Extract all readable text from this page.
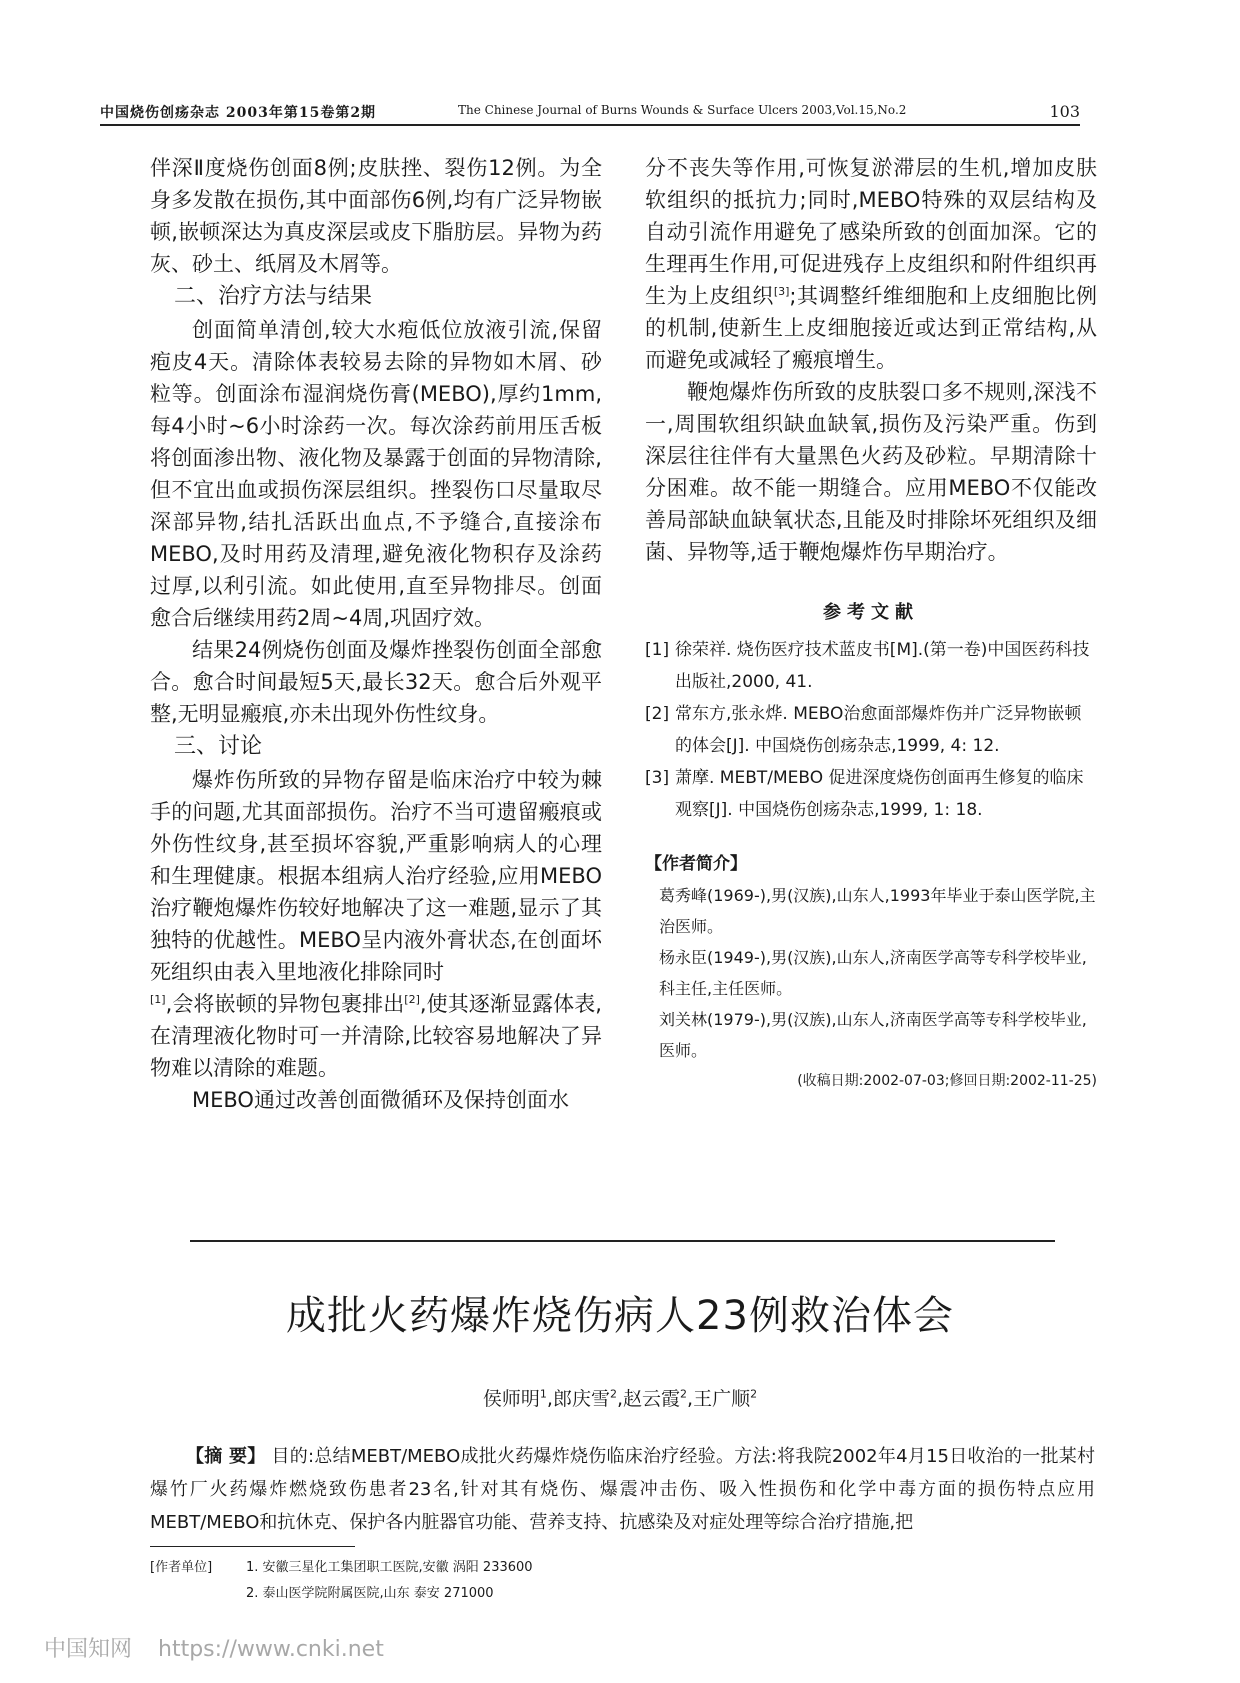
中国烧伤创疡杂志 2003年第15卷第2期	The Chinese Journal of Burns Wounds & Surface Ulcers 2003,Vol.15,No.2	103

伴深Ⅱ度烧伤创面8例;皮肤挫、裂伤12例。为全身多发散在损伤,其中面部伤6例,均有广泛异物嵌顿,嵌顿深达为真皮深层或皮下脂肪层。异物为药灰、砂土、纸屑及木屑等。

二、治疗方法与结果

创面简单清创,较大水疱低位放液引流,保留疱皮4天。清除体表较易去除的异物如木屑、砂粒等。创面涂布湿润烧伤膏(MEBO),厚约1mm,每4小时~6小时涂药一次。每次涂药前用压舌板将创面渗出物、液化物及暴露于创面的异物清除,但不宜出血或损伤深层组织。挫裂伤口尽量取尽深部异物,结扎活跃出血点,不予缝合,直接涂布MEBO,及时用药及清理,避免液化物积存及涂药过厚,以利引流。如此使用,直至异物排尽。创面愈合后继续用药2周~4周,巩固疗效。

结果24例烧伤创面及爆炸挫裂伤创面全部愈合。愈合时间最短5天,最长32天。愈合后外观平整,无明显瘢痕,亦未出现外伤性纹身。

三、讨论

爆炸伤所致的异物存留是临床治疗中较为棘手的问题,尤其面部损伤。治疗不当可遗留瘢痕或外伤性纹身,甚至损坏容貌,严重影响病人的心理和生理健康。根据本组病人治疗经验,应用MEBO治疗鞭炮爆炸伤较好地解决了这一难题,显示了其独特的优越性。MEBO呈内液外膏状态,在创面坏死组织由表入里地液化排除同时

[1],会将嵌顿的异物包裹排出[2],使其逐渐显露体表,在清理液化物时可一并清除,比较容易地解决了异物难以清除的难题。

MEBO通过改善创面微循环及保持创面水

分不丧失等作用,可恢复淤滞层的生机,增加皮肤软组织的抵抗力;同时,MEBO特殊的双层结构及自动引流作用避免了感染所致的创面加深。它的生理再生作用,可促进残存上皮组织和附件组织再生为上皮组织[3];其调整纤维细胞和上皮细胞比例的机制,使新生上皮细胞接近或达到正常结构,从而避免或减轻了瘢痕增生。

鞭炮爆炸伤所致的皮肤裂口多不规则,深浅不一,周围软组织缺血缺氧,损伤及污染严重。伤到深层往往伴有大量黑色火药及砂粒。早期清除十分困难。故不能一期缝合。应用MEBO不仅能改善局部缺血缺氧状态,且能及时排除坏死组织及细菌、异物等,适于鞭炮爆炸伤早期治疗。

参考文献
[1] 徐荣祥. 烧伤医疗技术蓝皮书[M].(第一卷)中国医药科技出版社,2000, 41.
[2] 常东方,张永烨. MEBO治愈面部爆炸伤并广泛异物嵌顿的体会[J]. 中国烧伤创疡杂志,1999, 4: 12.
[3] 萧摩. MEBT/MEBO 促进深度烧伤创面再生修复的临床观察[J]. 中国烧伤创疡杂志,1999, 1: 18.
【作者简介】
葛秀峰(1969-),男(汉族),山东人,1993年毕业于泰山医学院,主治医师。
杨永臣(1949-),男(汉族),山东人,济南医学高等专科学校毕业,科主任,主任医师。
刘关林(1979-),男(汉族),山东人,济南医学高等专科学校毕业,医师。
(收稿日期:2002-07-03;修回日期:2002-11-25)
成批火药爆炸烧伤病人23例救治体会
侯师明$^1$,郎庆雪$^2$,赵云霞$^2$,王广顺$^2$
【摘 要】 目的:总结MEBT/MEBO成批火药爆炸烧伤临床治疗经验。方法:将我院2002年4月15日收治的一批某村爆竹厂火药爆炸燃烧致伤患者23名,针对其有烧伤、爆震冲击伤、吸入性损伤和化学中毒方面的损伤特点应用MEBT/MEBO和抗休克、保护各内脏器官功能、营养支持、抗感染及对症处理等综合治疗措施,把
[作者单位]	1. 安徽三星化工集团职工医院,安徽 涡阳 233600
2. 泰山医学院附属医院,山东 泰安 271000
中国知网 https://www.cnki.net
